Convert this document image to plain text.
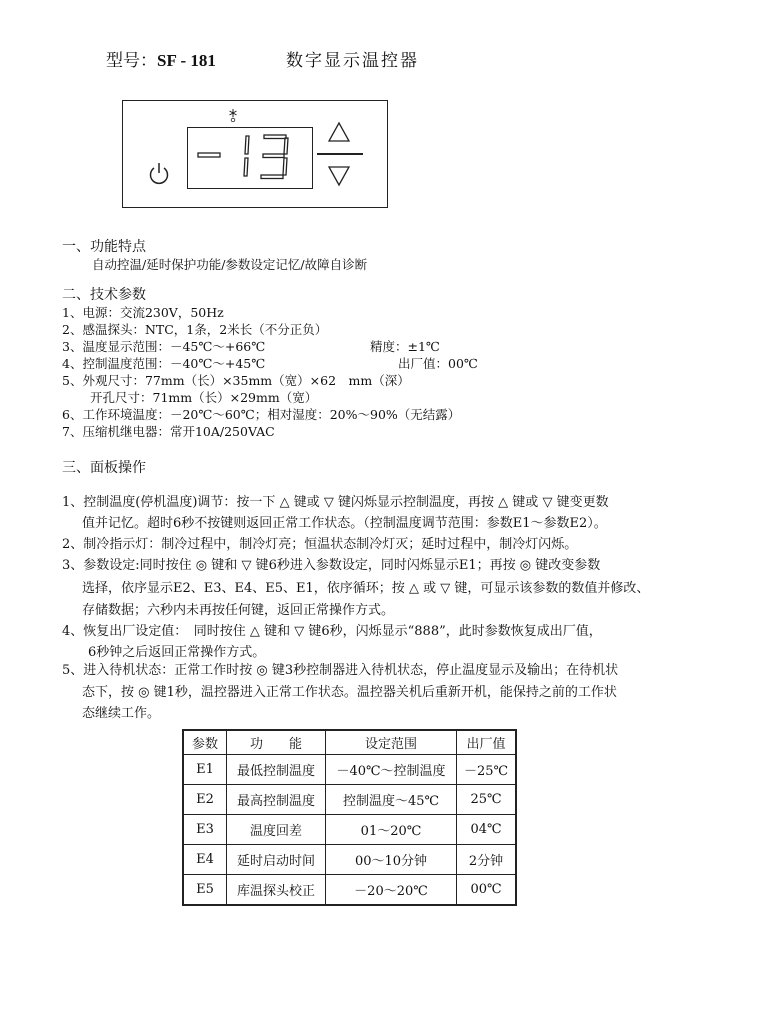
型号：SF - 181	数字显示温控器
一、功能特点
自动控温/延时保护功能/参数设定记忆/故障自诊断
二、技术参数
1、电源：交流230V，50Hz
2、感温探头：NTC，1条，2米长（不分正负）
3、温度显示范围：－45℃～+66℃	精度：±1℃
4、控制温度范围：－40℃～+45℃	出厂值：00℃
5、外观尺寸：77mm（长）×35mm（宽）×62　mm（深）
开孔尺寸：71mm（长）×29mm（宽）
6、工作环境温度：－20℃～60℃；相对湿度：20%～90%（无结露）
7、压缩机继电器：常开10A/250VAC
三、面板操作
1、控制温度(停机温度)调节：按一下 △ 键或 ▽ 键闪烁显示控制温度，再按 △ 键或 ▽ 键变更数
值并记忆。超时6秒不按键则返回正常工作状态。（控制温度调节范围：参数E1～参数E2）。
2、制冷指示灯：制冷过程中，制冷灯亮；恒温状态制冷灯灭；延时过程中，制冷灯闪烁。
3、参数设定:同时按住 ◎ 键和 ▽ 键6秒进入参数设定，同时闪烁显示E1；再按 ◎ 键改变参数
选择，依序显示E2、E3、E4、E5、E1，依序循环；按 △ 或 ▽ 键，可显示该参数的数值并修改、
存储数据；六秒内未再按任何键，返回正常操作方式。
4、恢复出厂设定值：　同时按住 △ 键和 ▽ 键6秒，闪烁显示“888”，此时参数恢复成出厂值，
6秒钟之后返回正常操作方式。
5、进入待机状态：正常工作时按 ◎ 键3秒控制器进入待机状态，停止温度显示及输出；在待机状
态下，按 ◎ 键1秒，温控器进入正常工作状态。温控器关机后重新开机，能保持之前的工作状
态继续工作。
参数	功　　能	设定范围	出厂值
E1	最低控制温度	－40℃～控制温度	－25℃
E2	最高控制温度	控制温度～45℃	25℃
E3	温度回差	01～20℃	04℃
E4	延时启动时间	00～10分钟	2分钟
E5	库温探头校正	－20～20℃	00℃
